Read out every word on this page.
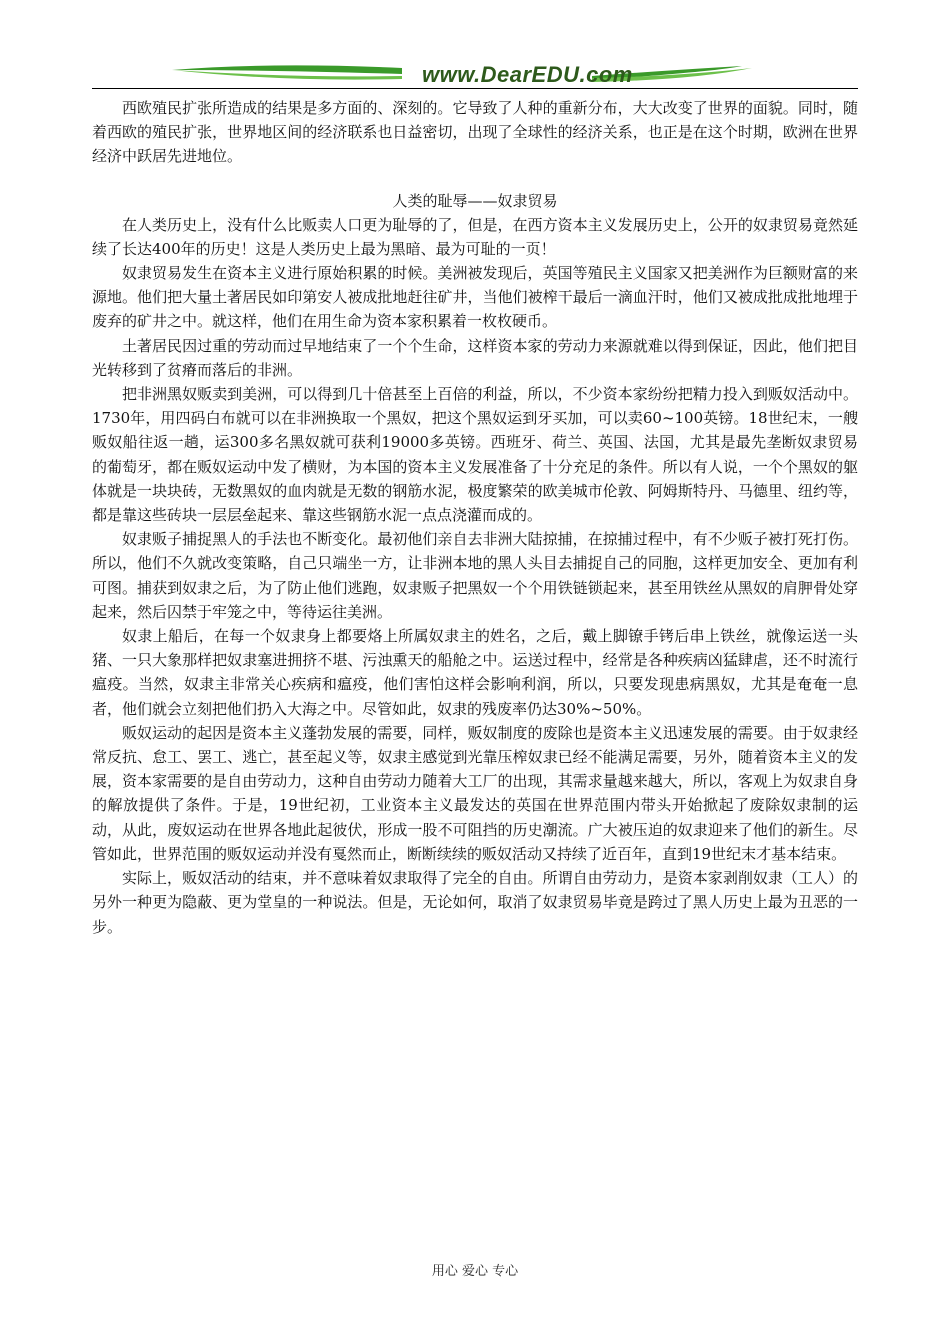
www.DearEDU.com

西欧殖民扩张所造成的结果是多方面的、深刻的。它导致了人种的重新分布，大大改变了世界的面貌。同时，随着西欧的殖民扩张，世界地区间的经济联系也日益密切，出现了全球性的经济关系，也正是在这个时期，欧洲在世界经济中跃居先进地位。

人类的耻辱——奴隶贸易

在人类历史上，没有什么比贩卖人口更为耻辱的了，但是，在西方资本主义发展历史上，公开的奴隶贸易竟然延续了长达400年的历史！这是人类历史上最为黑暗、最为可耻的一页！

奴隶贸易发生在资本主义进行原始积累的时候。美洲被发现后，英国等殖民主义国家又把美洲作为巨额财富的来源地。他们把大量土著居民如印第安人被成批地赶往矿井，当他们被榨干最后一滴血汗时，他们又被成批成批地埋于废弃的矿井之中。就这样，他们在用生命为资本家积累着一枚枚硬币。

土著居民因过重的劳动而过早地结束了一个个生命，这样资本家的劳动力来源就难以得到保证，因此，他们把目光转移到了贫瘠而落后的非洲。

把非洲黑奴贩卖到美洲，可以得到几十倍甚至上百倍的利益，所以，不少资本家纷纷把精力投入到贩奴活动中。1730年，用四码白布就可以在非洲换取一个黑奴，把这个黑奴运到牙买加，可以卖60~100英镑。18世纪末，一艘贩奴船往返一趟，运300多名黑奴就可获利19000多英镑。西班牙、荷兰、英国、法国，尤其是最先垄断奴隶贸易的葡萄牙，都在贩奴运动中发了横财，为本国的资本主义发展准备了十分充足的条件。所以有人说，一个个黑奴的躯体就是一块块砖，无数黑奴的血肉就是无数的钢筋水泥，极度繁荣的欧美城市伦敦、阿姆斯特丹、马德里、纽约等，都是靠这些砖块一层层垒起来、靠这些钢筋水泥一点点浇灌而成的。

奴隶贩子捕捉黑人的手法也不断变化。最初他们亲自去非洲大陆掠捕，在掠捕过程中，有不少贩子被打死打伤。所以，他们不久就改变策略，自己只端坐一方，让非洲本地的黑人头目去捕捉自己的同胞，这样更加安全、更加有利可图。捕获到奴隶之后，为了防止他们逃跑，奴隶贩子把黑奴一个个用铁链锁起来，甚至用铁丝从黑奴的肩胛骨处穿起来，然后囚禁于牢笼之中，等待运往美洲。

奴隶上船后，在每一个奴隶身上都要烙上所属奴隶主的姓名，之后，戴上脚镣手铐后串上铁丝，就像运送一头猪、一只大象那样把奴隶塞进拥挤不堪、污浊熏天的船舱之中。运送过程中，经常是各种疾病凶猛肆虐，还不时流行瘟疫。当然，奴隶主非常关心疾病和瘟疫，他们害怕这样会影响利润，所以，只要发现患病黑奴，尤其是奄奄一息者，他们就会立刻把他们扔入大海之中。尽管如此，奴隶的残废率仍达30%~50%。

贩奴运动的起因是资本主义蓬勃发展的需要，同样，贩奴制度的废除也是资本主义迅速发展的需要。由于奴隶经常反抗、怠工、罢工、逃亡，甚至起义等，奴隶主感觉到光靠压榨奴隶已经不能满足需要，另外，随着资本主义的发展，资本家需要的是自由劳动力，这种自由劳动力随着大工厂的出现，其需求量越来越大，所以，客观上为奴隶自身的解放提供了条件。于是，19世纪初，工业资本主义最发达的英国在世界范围内带头开始掀起了废除奴隶制的运动，从此，废奴运动在世界各地此起彼伏，形成一股不可阻挡的历史潮流。广大被压迫的奴隶迎来了他们的新生。尽管如此，世界范围的贩奴运动并没有戛然而止，断断续续的贩奴活动又持续了近百年，直到19世纪末才基本结束。

实际上，贩奴活动的结束，并不意味着奴隶取得了完全的自由。所谓自由劳动力，是资本家剥削奴隶（工人）的另外一种更为隐蔽、更为堂皇的一种说法。但是，无论如何，取消了奴隶贸易毕竟是跨过了黑人历史上最为丑恶的一步。

用心 爱心 专心
